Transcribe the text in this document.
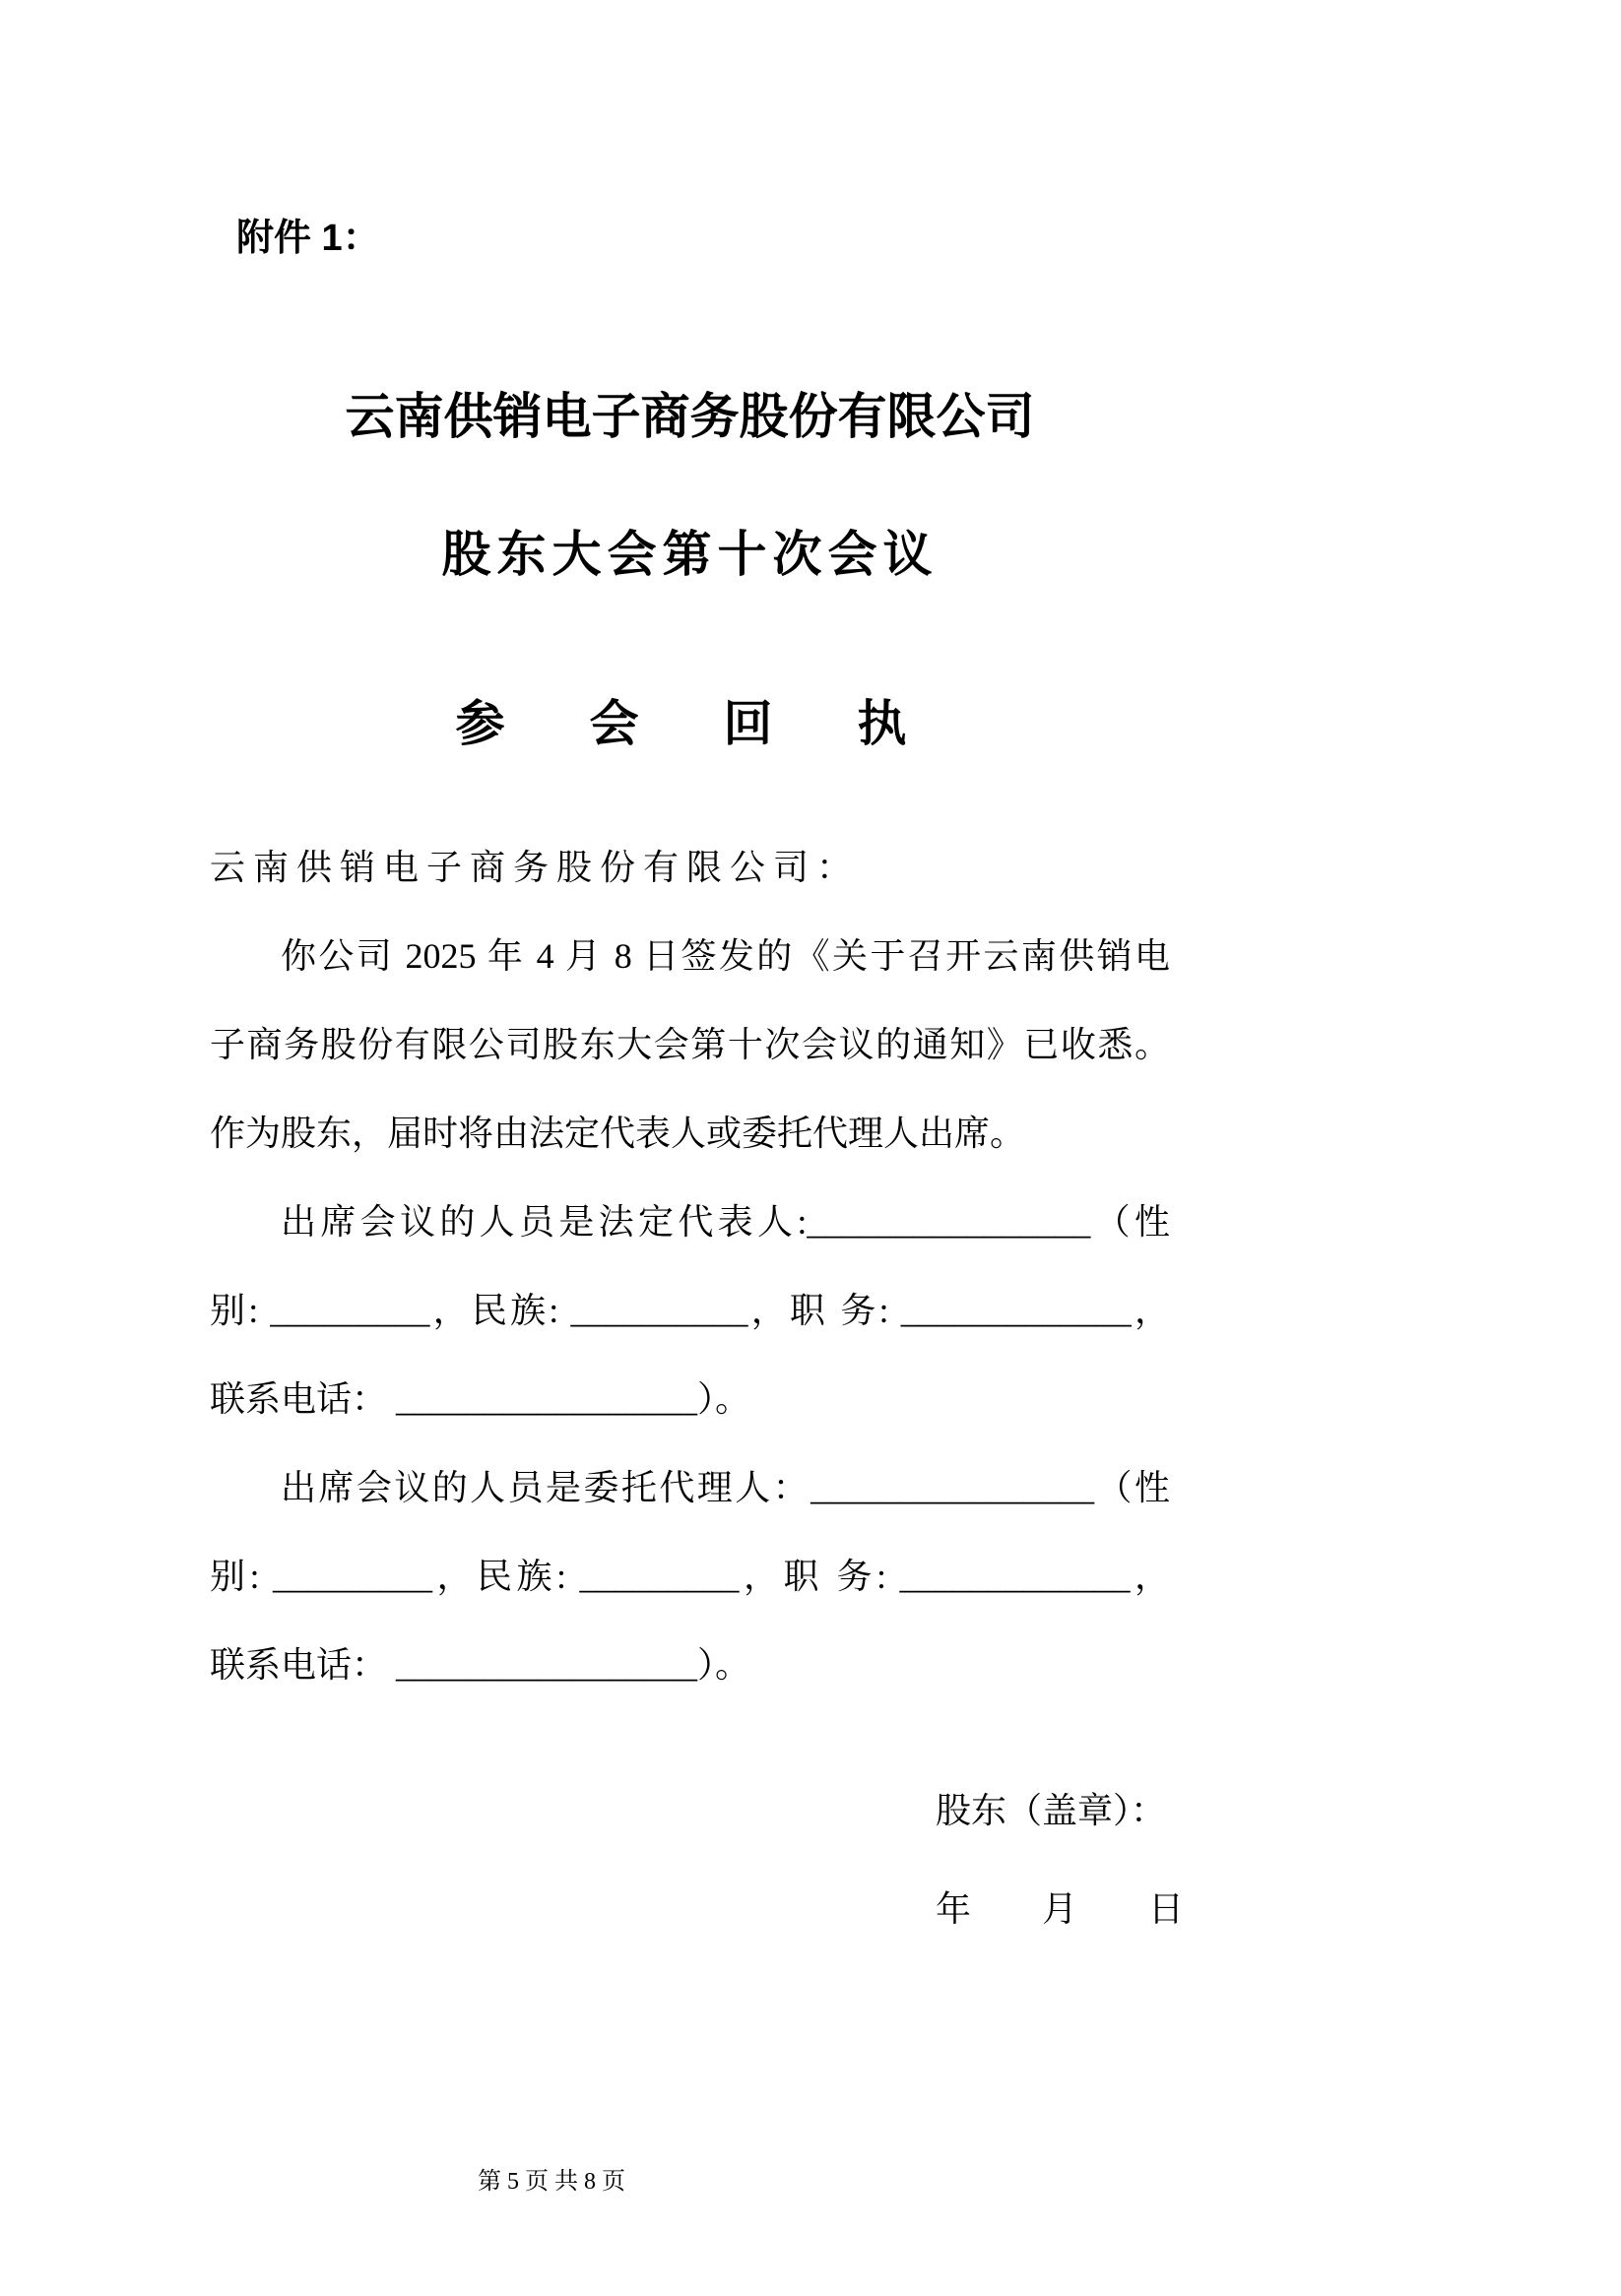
附件 1：
云南供销电子商务股份有限公司
股东大会第十次会议
参　会　回　执
云南供销电子商务股份有限公司：
你公司 2025 年 4 月 8 日签发的《关于召开云南供销电
子商务股份有限公司股东大会第十次会议的通知》已收悉。
作为股东，届时将由法定代表人或委托代理人出席。
出席会议的人员是法定代表人:________________（性
别: _________，民族: __________，职 务: _____________，
联系电话： _________________）。
出席会议的人员是委托代理人：________________（性
别: _________，民族: _________，职 务: _____________，
联系电话： _________________）。
股东（盖章）：
年　　月　　日
第 5 页 共 8 页
